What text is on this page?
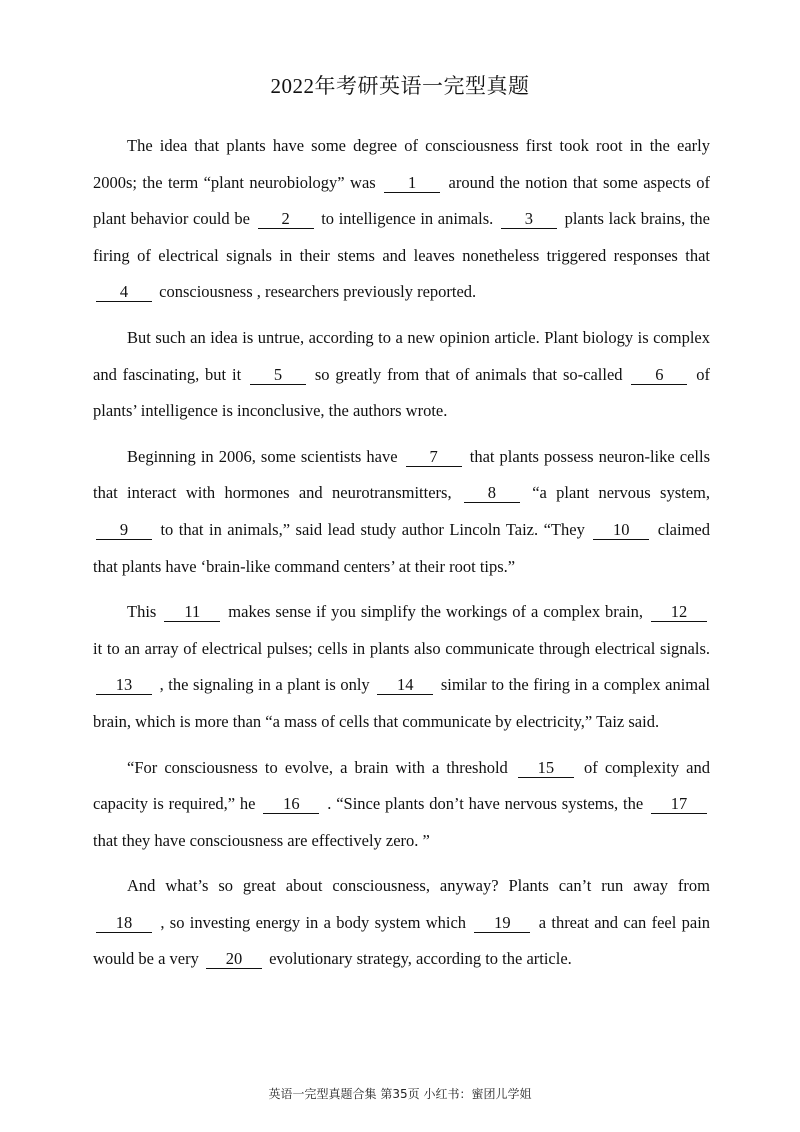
2022年考研英语一完型真题

The idea that plants have some degree of consciousness first took root in the early 2000s; the term “plant neurobiology” was 1 around the notion that some aspects of plant behavior could be 2 to intelligence in animals. 3 plants lack brains, the firing of electrical signals in their stems and leaves nonetheless triggered responses that 4 consciousness , researchers previously reported.

But such an idea is untrue, according to a new opinion article. Plant biology is complex and fascinating, but it 5 so greatly from that of animals that so-called 6 of plants’ intelligence is inconclusive, the authors wrote.

Beginning in 2006, some scientists have 7 that plants possess neuron-like cells that interact with hormones and neurotransmitters, 8 “a plant nervous system, 9 to that in animals,” said lead study author Lincoln Taiz. “They 10 claimed that plants have ‘brain-like command centers’ at their root tips.”

This 11 makes sense if you simplify the workings of a complex brain, 12 it to an array of electrical pulses; cells in plants also communicate through electrical signals. 13 , the signaling in a plant is only 14 similar to the firing in a complex animal brain, which is more than “a mass of cells that communicate by electricity,” Taiz said.

“For consciousness to evolve, a brain with a threshold 15 of complexity and capacity is required,” he 16 . “Since plants don’t have nervous systems, the 17 that they have consciousness are effectively zero. ”

And what’s so great about consciousness, anyway? Plants can’t run away from 18 , so investing energy in a body system which 19 a threat and can feel pain would be a very 20 evolutionary strategy, according to the article.

英语一完型真题合集 第35页 小红书：蜜团儿学姐
